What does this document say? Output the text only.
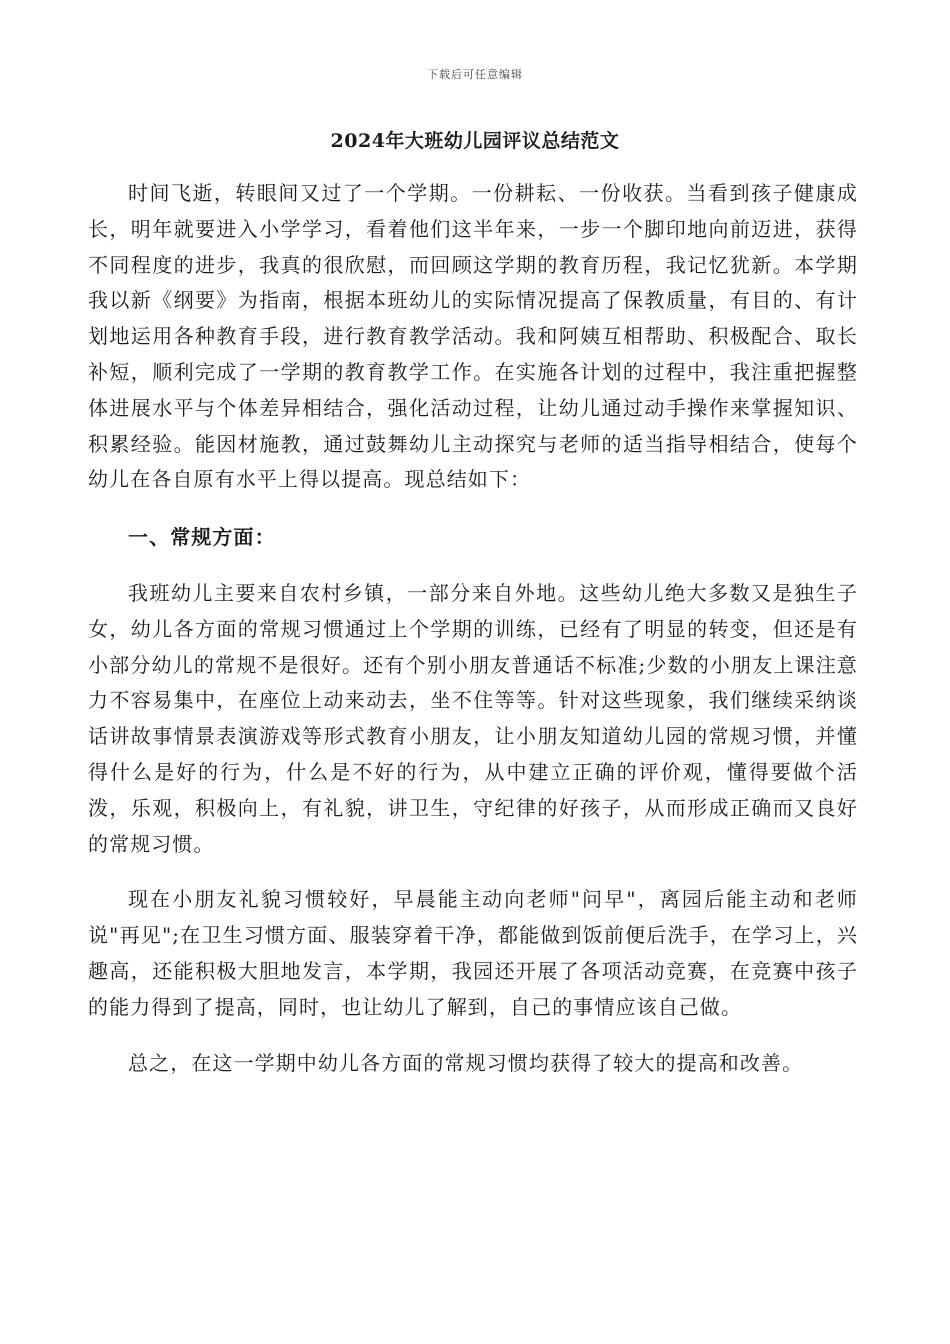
下载后可任意编辑
2024年大班幼儿园评议总结范文

时间飞逝，转眼间又过了一个学期。一份耕耘、一份收获。当看到孩子健康成长，明年就要进入小学学习，看着他们这半年来，一步一个脚印地向前迈进，获得不同程度的进步，我真的很欣慰，而回顾这学期的教育历程，我记忆犹新。本学期我以新《纲要》为指南，根据本班幼儿的实际情况提高了保教质量，有目的、有计划地运用各种教育手段，进行教育教学活动。我和阿姨互相帮助、积极配合、取长补短，顺利完成了一学期的教育教学工作。在实施各计划的过程中，我注重把握整体进展水平与个体差异相结合，强化活动过程，让幼儿通过动手操作来掌握知识、积累经验。能因材施教，通过鼓舞幼儿主动探究与老师的适当指导相结合，使每个幼儿在各自原有水平上得以提高。现总结如下：

一、常规方面：

我班幼儿主要来自农村乡镇，一部分来自外地。这些幼儿绝大多数又是独生子女，幼儿各方面的常规习惯通过上个学期的训练，已经有了明显的转变，但还是有小部分幼儿的常规不是很好。还有个别小朋友普通话不标准;少数的小朋友上课注意力不容易集中，在座位上动来动去，坐不住等等。针对这些现象，我们继续采纳谈话讲故事情景表演游戏等形式教育小朋友，让小朋友知道幼儿园的常规习惯，并懂得什么是好的行为，什么是不好的行为，从中建立正确的评价观，懂得要做个活泼，乐观，积极向上，有礼貌，讲卫生，守纪律的好孩子，从而形成正确而又良好的常规习惯。

现在小朋友礼貌习惯较好，早晨能主动向老师"问早"，离园后能主动和老师说"再见";在卫生习惯方面、服装穿着干净，都能做到饭前便后洗手，在学习上，兴趣高，还能积极大胆地发言，本学期，我园还开展了各项活动竞赛，在竞赛中孩子的能力得到了提高，同时，也让幼儿了解到，自己的事情应该自己做。

总之，在这一学期中幼儿各方面的常规习惯均获得了较大的提高和改善。
